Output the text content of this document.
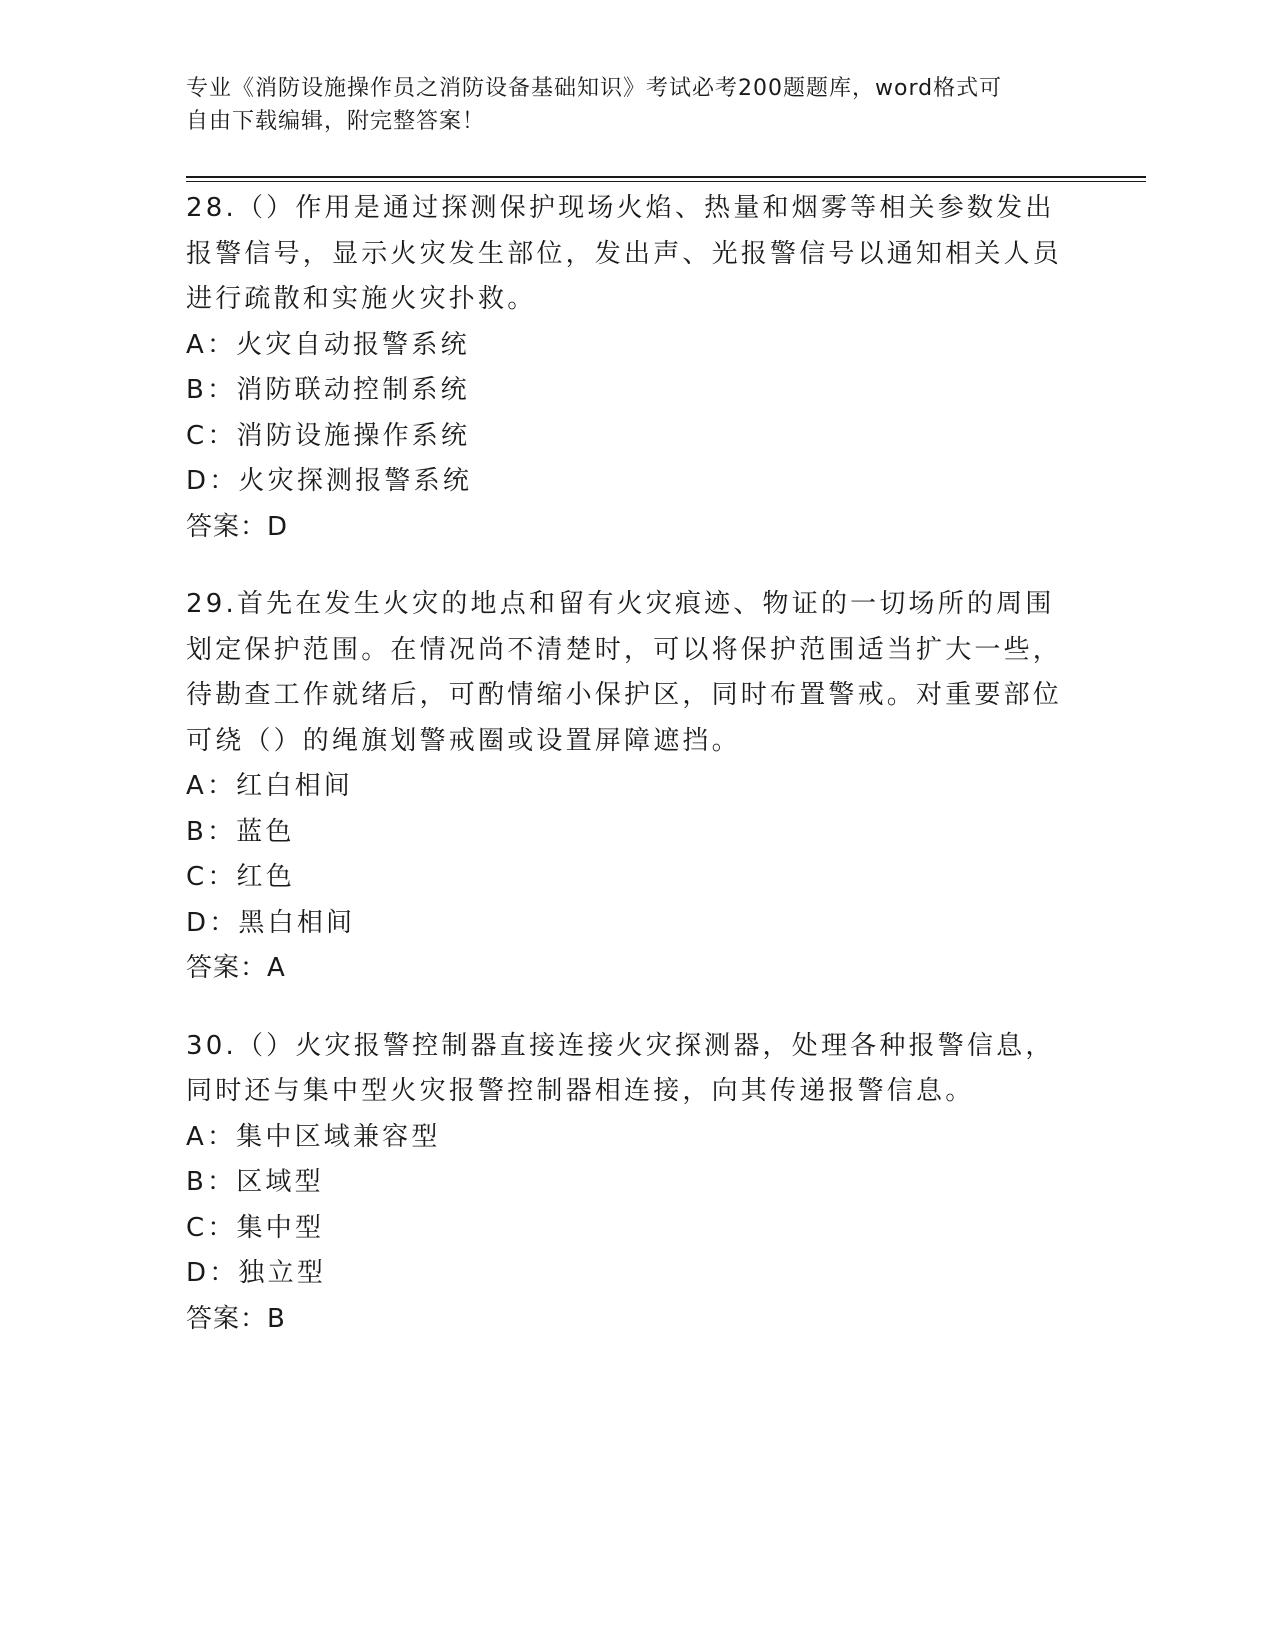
专业《消防设施操作员之消防设备基础知识》考试必考200题题库，word格式可
自由下载编辑，附完整答案！

28.（）作用是通过探测保护现场火焰、热量和烟雾等相关参数发出报警信号，显示火灾发生部位，发出声、光报警信号以通知相关人员进行疏散和实施火灾扑救。

A：火灾自动报警系统

B：消防联动控制系统

C：消防设施操作系统

D：火灾探测报警系统

答案：D

29.首先在发生火灾的地点和留有火灾痕迹、物证的一切场所的周围划定保护范围。在情况尚不清楚时，可以将保护范围适当扩大一些，待勘查工作就绪后，可酌情缩小保护区，同时布置警戒。对重要部位可绕（）的绳旗划警戒圈或设置屏障遮挡。

A：红白相间

B：蓝色

C：红色

D：黑白相间

答案：A

30.（）火灾报警控制器直接连接火灾探测器，处理各种报警信息，同时还与集中型火灾报警控制器相连接，向其传递报警信息。

A：集中区域兼容型

B：区域型

C：集中型

D：独立型

答案：B
